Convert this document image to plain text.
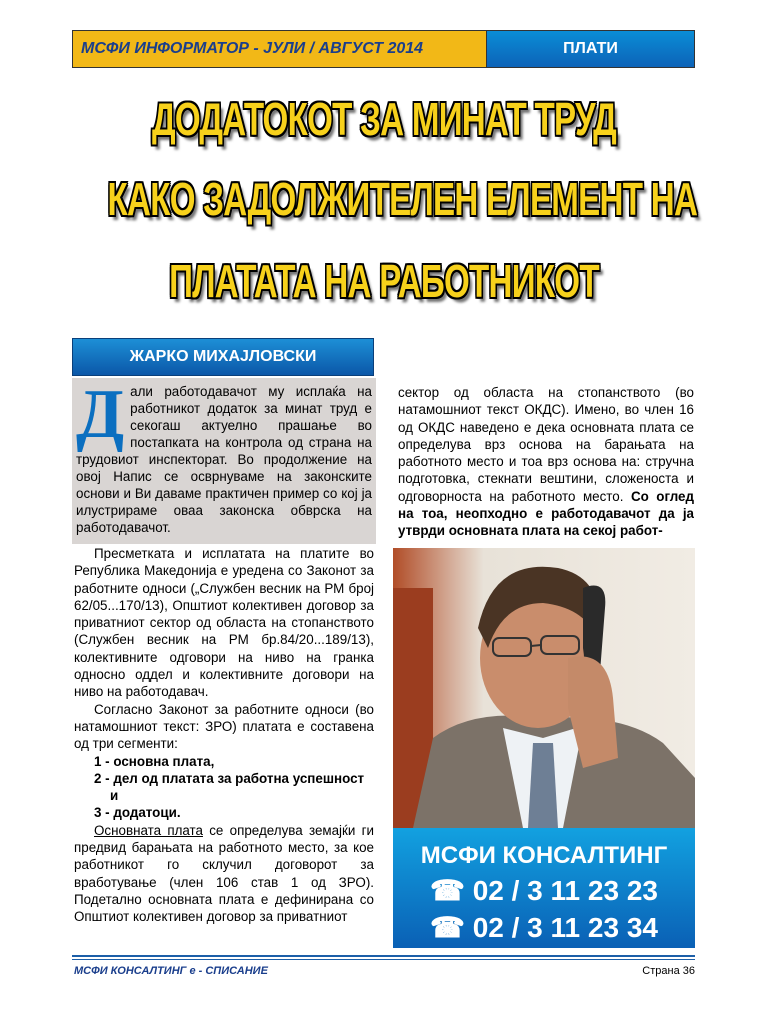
МСФИ ИНФОРМАТОР - ЈУЛИ / АВГУСТ 2014	ПЛАТИ
ДОДАТОКОТ ЗА МИНАТ ТРУД
КАКО ЗАДОЛЖИТЕЛЕН ЕЛЕМЕНТ НА
ПЛАТАТА НА РАБОТНИКОТ
ЖАРКО МИХАЈЛОВСКИ
Дали работодавачот му исплаќа на работникот додаток за минат труд е секогаш актуелно прашање во постапката на контрола од страна на трудовиот инспекторат. Во продолжение на овој Напис се осврнуваме на законските основи и Ви даваме практичен пример со кој ја илустрираме оваа законска обврска на работодавачот.

Пресметката и исплатата на платите во Република Македонија е уредена со Законот за работните односи („Службен весник на РМ број 62/05...170/13), Општиот колективен договор за приватниот сектор од областа на стопанството (Службен весник на РМ бр.84/20...189/13), колективните одговори на ниво на гранка односно оддел и колективните договори на ниво на работодавач.

Согласно Законот за работните односи (во натамошниот текст: ЗРО) платата е составена од три сегменти:

1 - основна плата,

2 - дел од платата за работна успешност

и

3 - додатоци.

Основната плата се определува земајќи ги предвид барањата на работното место, за кое работникот го склучил договорот за вработување (член 106 став 1 од ЗРО). Подетално основната плата е дефинирана со Општиот колективен договор за приватниот

сектор од областа на стопанството (во натамошниот текст ОКДС). Имено, во член 16 од ОКДС наведено е дека основната плата се определува врз основа на барањата на работното место и тоа врз основа на: стручна подготовка, стекнати вештини, сложеноста и одговорноста на работното место. Со оглед на тоа, неопходно е работодавачот да ја утврди основната плата на секој работ-

МСФИ КОНСАЛТИНГ
☎ 02 / 3 11 23 23
☎ 02 / 3 11 23 34
МСФИ КОНСАЛТИНГ е - СПИСАНИЕ	Страна 36
